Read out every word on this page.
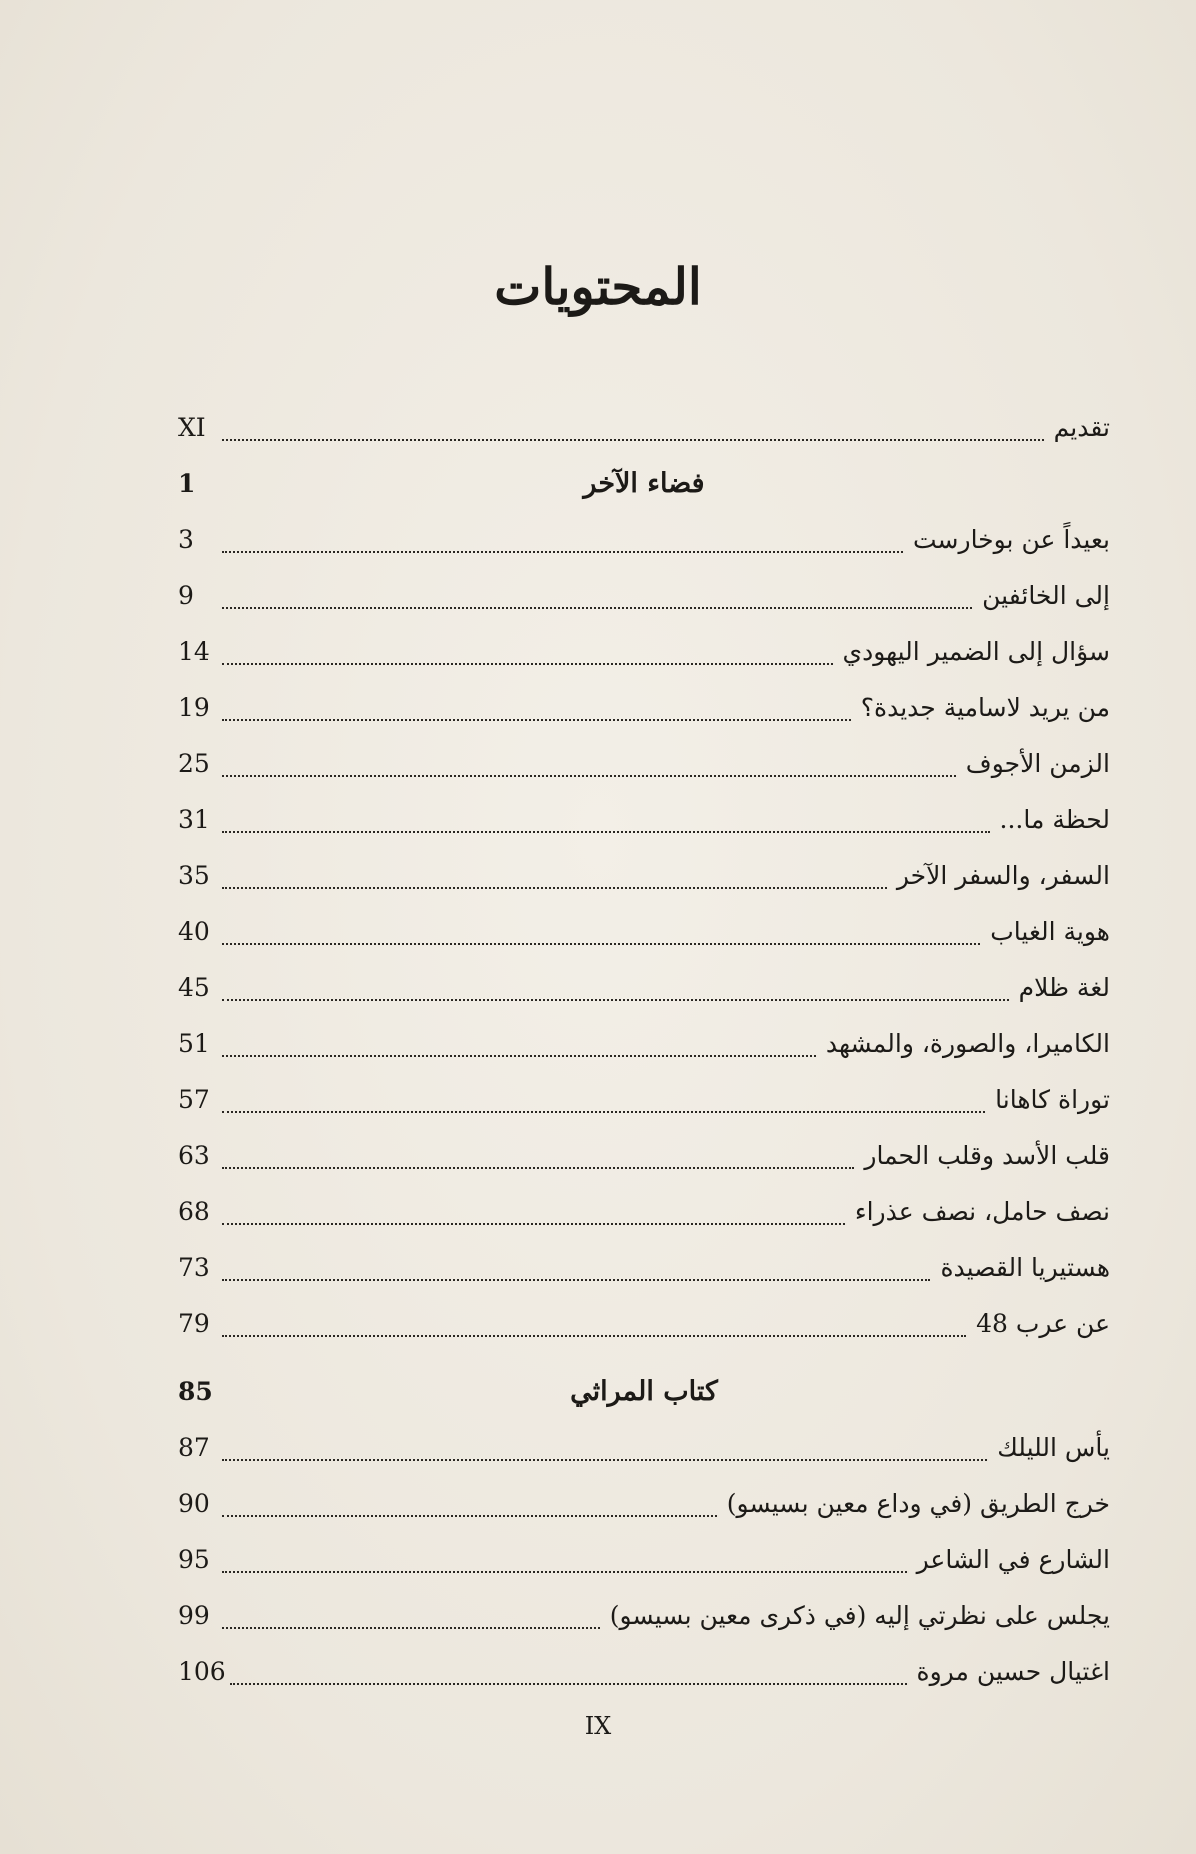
المحتويات
تقديم
XI
فضاء الآخر
1
بعيداً عن بوخارست
3
إلى الخائفين
9
سؤال إلى الضمير اليهودي
14
من يريد لاسامية جديدة؟
19
الزمن الأجوف
25
لحظة ما...
31
السفر، والسفر الآخر
35
هوية الغياب
40
لغة ظلام
45
الكاميرا، والصورة، والمشهد
51
توراة كاهانا
57
قلب الأسد وقلب الحمار
63
نصف حامل، نصف عذراء
68
هستيريا القصيدة
73
عن عرب 48
79
كتاب المراثي
85
يأس الليلك
87
خرج الطريق (في وداع معين بسيسو)
90
الشارع في الشاعر
95
يجلس على نظرتي إليه (في ذكرى معين بسيسو)
99
اغتيال حسين مروة
106
IX
